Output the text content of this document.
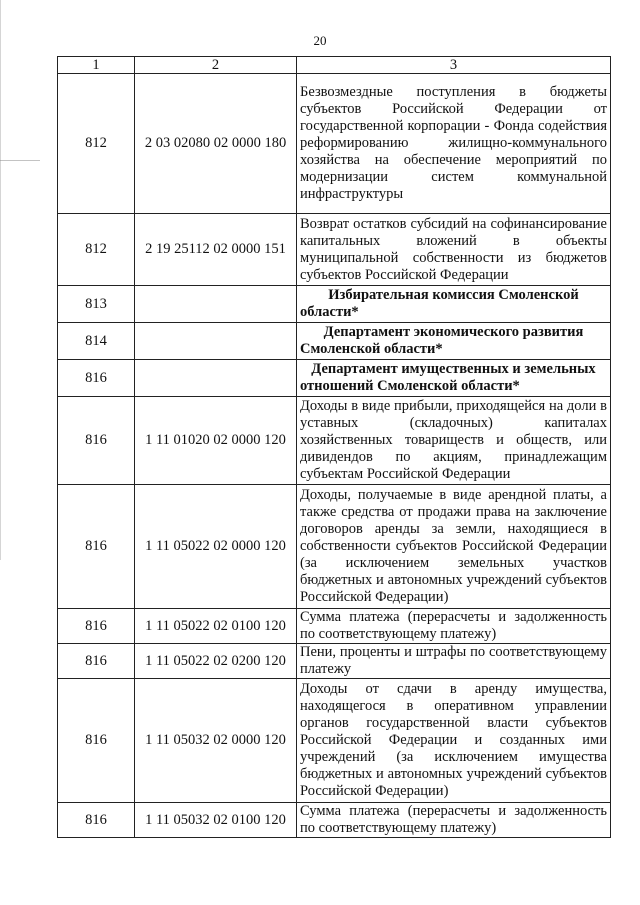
20
1	2	3
812	2 03 02080 02 0000 180	Безвозмездные поступления в бюджеты субъектов Российской Федерации от государственной корпорации - Фонда содействия реформированию жилищно-коммунального хозяйства на обеспечение мероприятий по модернизации систем коммунальной инфраструктуры
812	2 19 25112 02 0000 151	Возврат остатков субсидий на софинансирование капитальных вложений в объекты муниципальной собственности из бюджетов субъектов Российской Федерации
813		Избирательная комиссия Смоленской области*
814		Департамент экономического развития Смоленской области*
816		Департамент имущественных и земельных отношений Смоленской области*
816	1 11 01020 02 0000 120	Доходы в виде прибыли, приходящейся на доли в уставных (складочных) капиталах хозяйственных товариществ и обществ, или дивидендов по акциям, принадлежащим субъектам Российской Федерации
816	1 11 05022 02 0000 120	Доходы, получаемые в виде арендной платы, а также средства от продажи права на заключение договоров аренды за земли, находящиеся в собственности субъектов Российской Федерации (за исключением земельных участков бюджетных и автономных учреждений субъектов Российской Федерации)
816	1 11 05022 02 0100 120	Сумма платежа (перерасчеты и задолженность по соответствующему платежу)
816	1 11 05022 02 0200 120	Пени, проценты и штрафы по соответствующему платежу
816	1 11 05032 02 0000 120	Доходы от сдачи в аренду имущества, находящегося в оперативном управлении органов государственной власти субъектов Российской Федерации и созданных ими учреждений (за исключением имущества бюджетных и автономных учреждений субъектов Российской Федерации)
816	1 11 05032 02 0100 120	Сумма платежа (перерасчеты и задолженность по соответствующему платежу)
